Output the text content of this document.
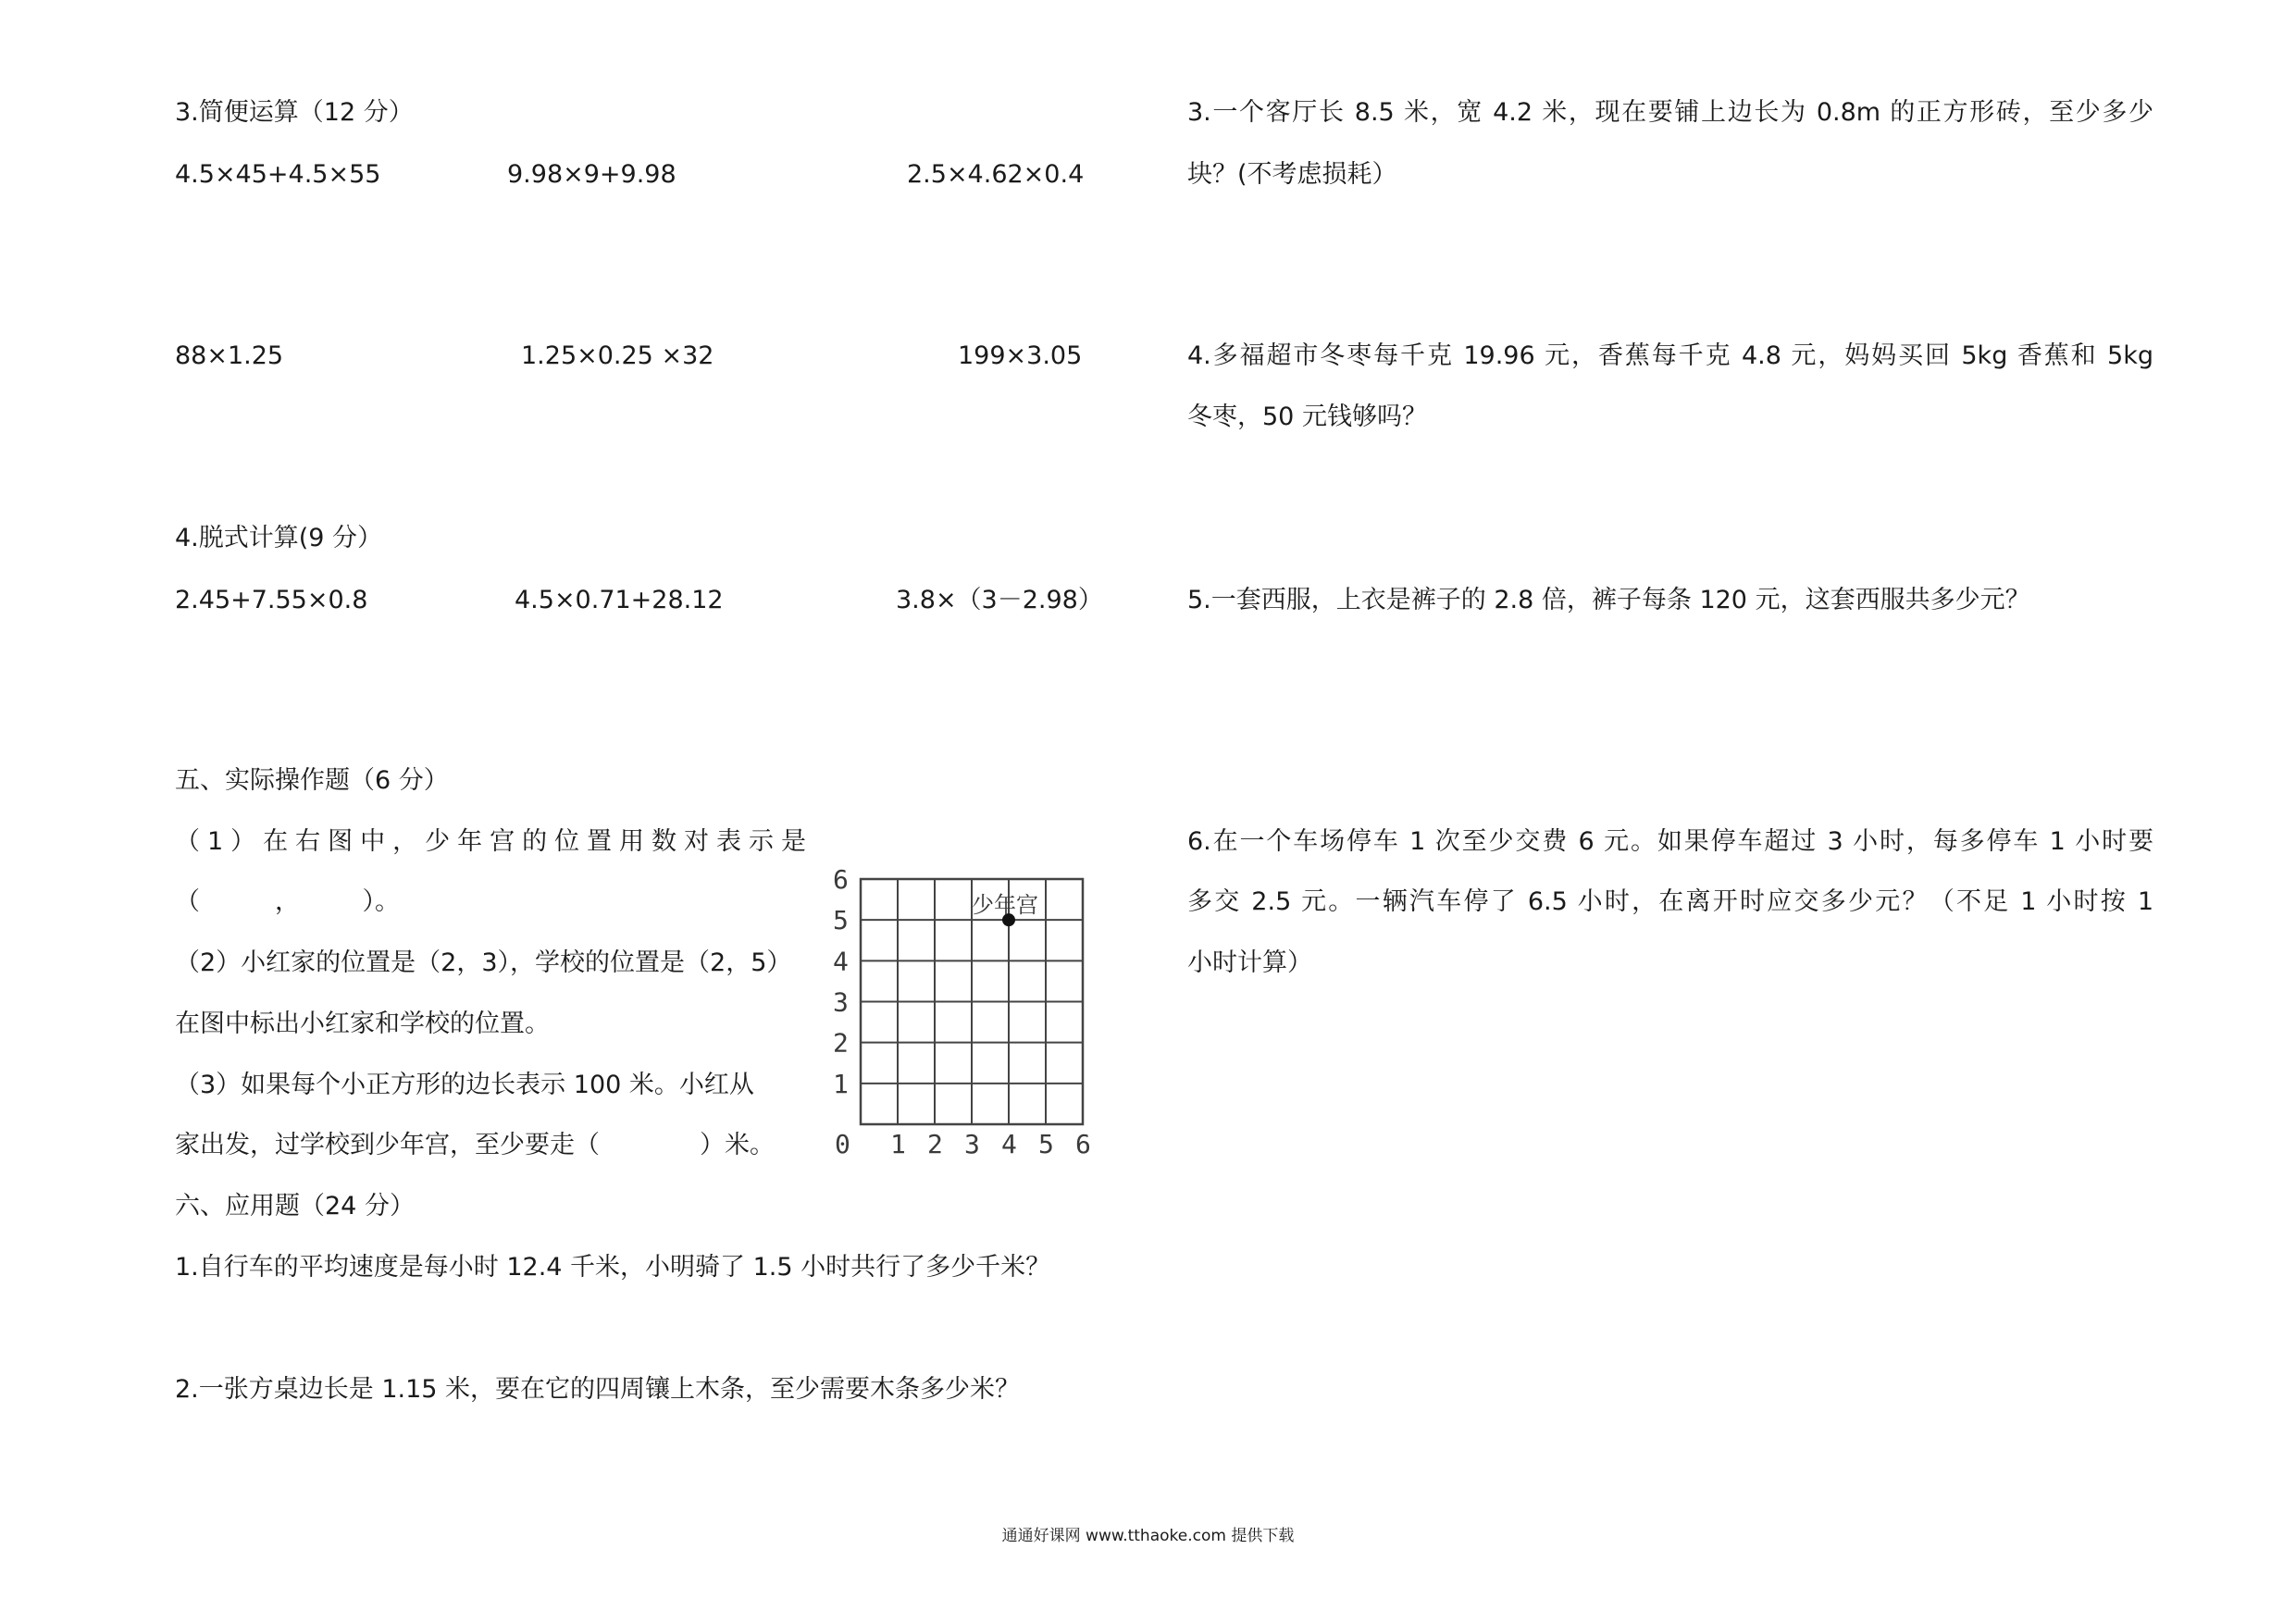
3.简便运算（12 分）
4.5×45+4.5×55	9.98×9+9.98	2.5×4.62×0.4
88×1.25	1.25×0.25 ×32	199×3.05
4.脱式计算(9 分）
2.45+7.55×0.8	4.5×0.71+28.12	3.8×（3－2.98）
五、实际操作题（6 分）
（1）在右图中，少年宫的位置用数对表示是
（　　　，　　　）。
（2）小红家的位置是（2，3），学校的位置是（2，5）
在图中标出小红家和学校的位置。
（3）如果每个小正方形的边长表示 100 米。小红从
家出发，过学校到少年宫，至少要走（　　　　）米。
六、应用题（24 分）
1.自行车的平均速度是每小时 12.4 千米，小明骑了 1.5 小时共行了多少千米？
2.一张方桌边长是 1.15 米，要在它的四周镶上木条，至少需要木条多少米？
0 1 2 3 4 5 6
1
2
3
4
5
6
少年宫
3.一个客厅长 8.5 米，宽 4.2 米，现在要铺上边长为 0.8m 的正方形砖，至少多少
块？(不考虑损耗）
4.多福超市冬枣每千克 19.96 元，香蕉每千克 4.8 元，妈妈买回 5kg 香蕉和 5kg
冬枣，50 元钱够吗？
5.一套西服，上衣是裤子的 2.8 倍，裤子每条 120 元，这套西服共多少元？
6.在一个车场停车 1 次至少交费 6 元。如果停车超过 3 小时，每多停车 1 小时要
多交 2.5 元。一辆汽车停了 6.5 小时，在离开时应交多少元？（不足 1 小时按 1
小时计算）
通通好课网 www.tthaoke.com 提供下载
